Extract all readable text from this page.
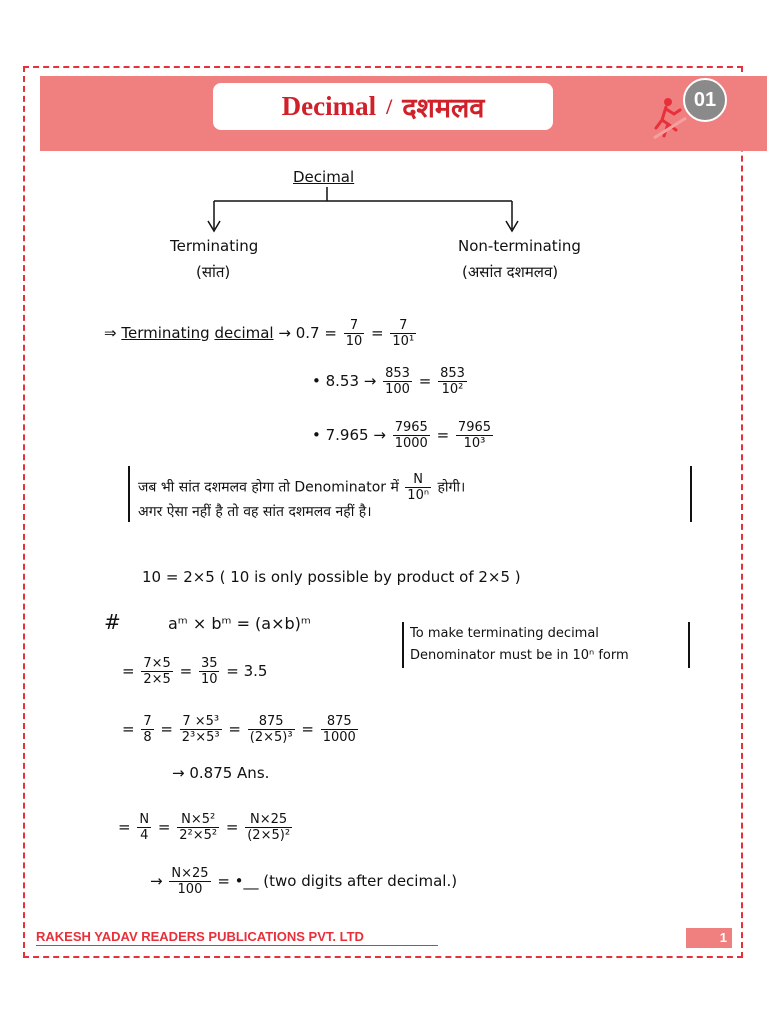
Decimal / दशमलव	01
Decimal
Terminating
(सांत)
Non-terminating
(असांत दशमलव)
⇒ Terminating decimal → $0.7 = \frac{7}{10} = \frac{7}{\text{10¹}}$
• $8.53 \to \frac{853}{100} = \frac{853}{\text{10²}}$
• $7.965 \to \frac{7965}{1000} = \frac{7965}{\text{10³}}$
जब भी सांत दशमलव होगा तो Denominator में $\frac{N}{\text{10ⁿ}}$ होगी।
अगर ऐसा नहीं है तो वह सांत दशमलव नहीं है।
10 = 2×5 ( 10 is only possible by product of 2×5 )
#	aᵐ × bᵐ = (a×b)ᵐ
To make terminating decimal
Denominator must be in 10ⁿ form
= $\frac{7\times 5}{2\times 5} = \frac{35}{10} = 3.5$
= $\frac{7}{8} = \frac{\text{7 ×5³}}{\text{2³×5³}} = \frac{875}{\text{(2×5)³}} = \frac{875}{1000}$
→ 0.875 Ans.
= $\frac{N}{4} = \frac{\text{N×5²}}{\text{2²×5²}} = \frac{N\times 25}{\text{(2×5)²}}$
→ $\frac{N\times 25}{100}$ = •__ (two digits after decimal.)
RAKESH YADAV READERS PUBLICATIONS PVT. LTD	1
